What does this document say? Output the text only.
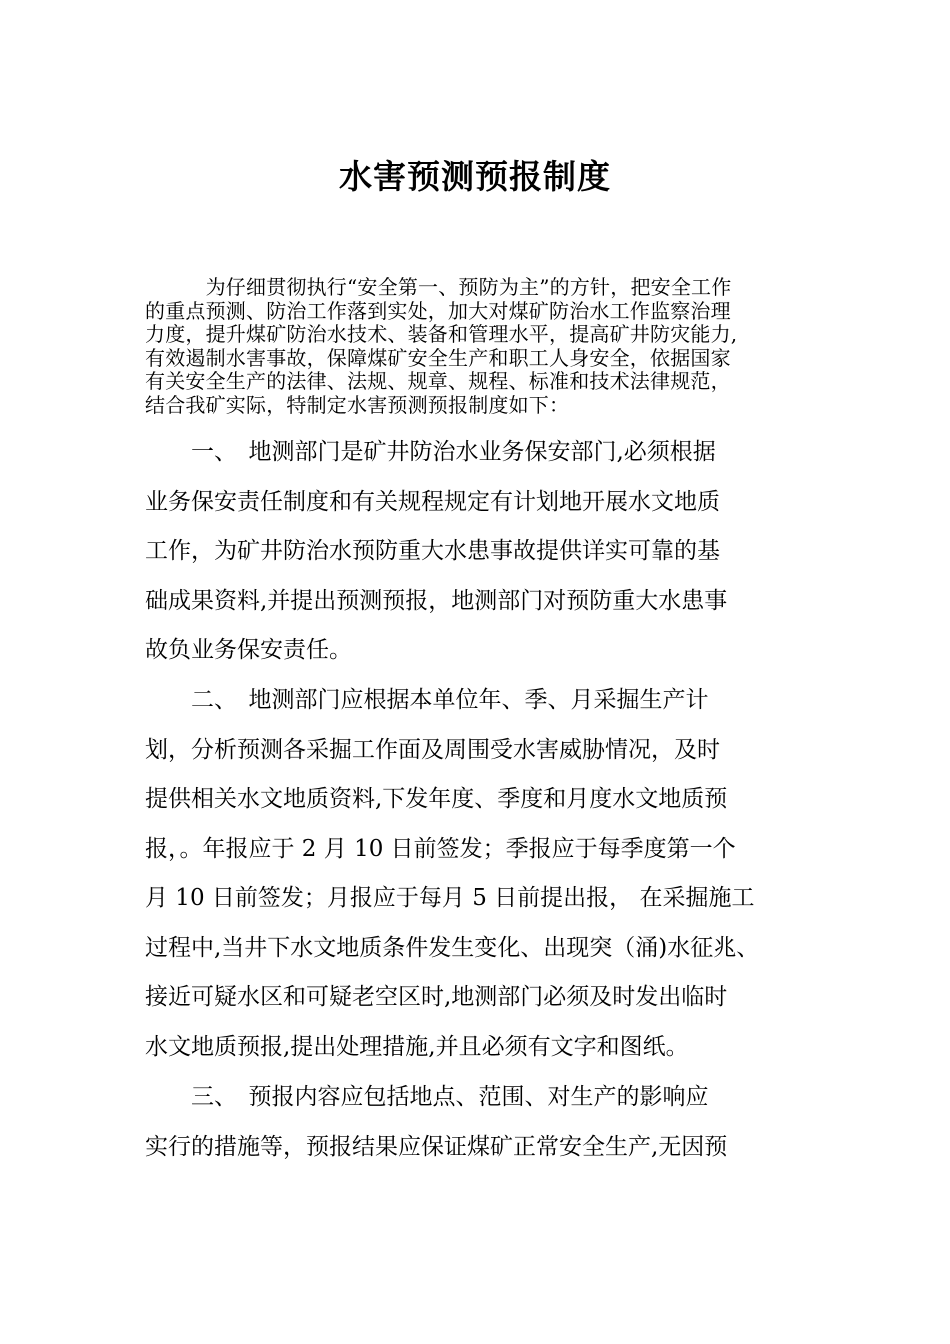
水害预测预报制度
　　　为仔细贯彻执行“安全第一、预防为主”的方针，把安全工作
的重点预测、防治工作落到实处，加大对煤矿防治水工作监察治理
力度，提升煤矿防治水技术、装备和管理水平，提高矿井防灾能力,
有效遏制水害事故，保障煤矿安全生产和职工人身安全，依据国家
有关安全生产的法律、法规、规章、规程、标准和技术法律规范，
结合我矿实际，特制定水害预测预报制度如下：
　　一、　地测部门是矿井防治水业务保安部门,必须根据
业务保安责任制度和有关规程规定有计划地开展水文地质
工作，为矿井防治水预防重大水患事故提供详实可靠的基
础成果资料,并提出预测预报，地测部门对预防重大水患事
故负业务保安责任。
　　二、　地测部门应根据本单位年、季、月采掘生产计
划，分析预测各采掘工作面及周围受水害威胁情况，及时
提供相关水文地质资料,下发年度、季度和月度水文地质预
报，。年报应于 2 月 10 日前签发；季报应于每季度第一个
月 10 日前签发；月报应于每月 5 日前提出报， 在采掘施工
过程中,当井下水文地质条件发生变化、出现突（涌)水征兆、
接近可疑水区和可疑老空区时,地测部门必须及时发出临时
水文地质预报,提出处理措施,并且必须有文字和图纸。
　　三、　预报内容应包括地点、范围、对生产的影响应
实行的措施等，预报结果应保证煤矿正常安全生产,无因预
